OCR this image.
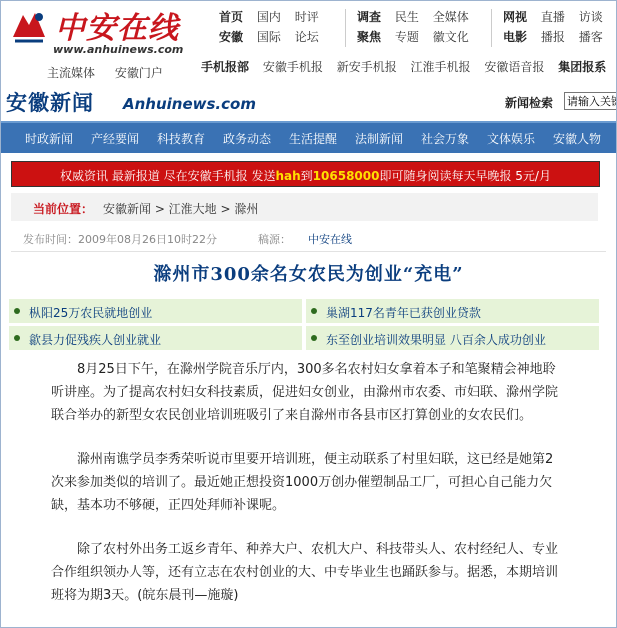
中安在线
www.anhuinews.com
主流媒体 安徽门户
首页 国内 时评
安徽 国际 论坛
调查 民生 全媒体
聚焦 专题 徽文化
网视 直播 访谈
电影 播报 播客
手机报部 安徽手机报 新安手机报 江淮手机报 安徽语音报 集团报系
安徽新闻 Anhuinews.com	新闻检索
请输入关键
时政新闻 产经要闻 科技教育 政务动态 生活提醒 法制新闻 社会万象 文体娱乐 安徽人物
权威资讯 最新报道 尽在安徽手机报 发送hah到10658000即可随身阅读每天早晚报 5元/月
当前位置： 安徽新闻 > 江淮大地 > 滁州
发布时间：2009年08月26日10时22分	稿源： 中安在线
滁州市300余名女农民为创业“充电”
枞阳25万农民就地创业	巢湖117名青年已获创业贷款
歙县力促残疾人创业就业	东至创业培训效果明显 八百余人成功创业

8月25日下午，在滁州学院音乐厅内，300多名农村妇女拿着本子和笔聚精会神地聆听讲座。为了提高农村妇女科技素质，促进妇女创业，由滁州市农委、市妇联、滁州学院联合举办的新型女农民创业培训班吸引了来自滁州市各县市区打算创业的女农民们。

滁州南谯学员李秀荣听说市里要开培训班，便主动联系了村里妇联，这已经是她第2次来参加类似的培训了。最近她正想投资1000万创办催塑制品工厂，可担心自己能力欠缺，基本功不够硬，正四处拜师补课呢。

除了农村外出务工返乡青年、种养大户、农机大户、科技带头人、农村经纪人、专业合作组织领办人等，还有立志在农村创业的大、中专毕业生也踊跃参与。据悉，本期培训班将为期3天。(皖东晨刊—施璇)
